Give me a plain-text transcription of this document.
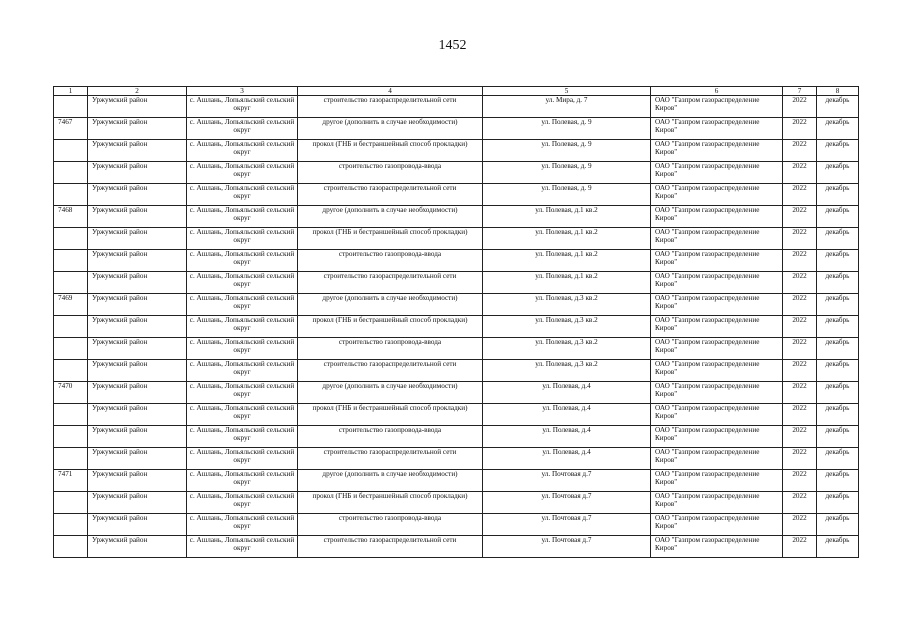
1452
1	2	3	4	5	6	7	8
	Уржумский район	с. Ашлань, Лопьяльский сельский округ	строительство газораспределительной сети	ул. Мира, д. 7	ОАО "Газпром газораспределение Киров"	2022	декабрь
7467	Уржумский район	с. Ашлань, Лопьяльский сельский округ	другое (дополнить в случае необходимости)	ул. Полевая, д. 9	ОАО "Газпром газораспределение Киров"	2022	декабрь
	Уржумский район	с. Ашлань, Лопьяльский сельский округ	прокол (ГНБ и бестраншейный способ прокладки)	ул. Полевая, д. 9	ОАО "Газпром газораспределение Киров"	2022	декабрь
	Уржумский район	с. Ашлань, Лопьяльский сельский округ	строительство газопровода-ввода	ул. Полевая, д. 9	ОАО "Газпром газораспределение Киров"	2022	декабрь
	Уржумский район	с. Ашлань, Лопьяльский сельский округ	строительство газораспределительной сети	ул. Полевая, д. 9	ОАО "Газпром газораспределение Киров"	2022	декабрь
7468	Уржумский район	с. Ашлань, Лопьяльский сельский округ	другое (дополнить в случае необходимости)	ул. Полевая, д.1 кв.2	ОАО "Газпром газораспределение Киров"	2022	декабрь
	Уржумский район	с. Ашлань, Лопьяльский сельский округ	прокол (ГНБ и бестраншейный способ прокладки)	ул. Полевая, д.1 кв.2	ОАО "Газпром газораспределение Киров"	2022	декабрь
	Уржумский район	с. Ашлань, Лопьяльский сельский округ	строительство газопровода-ввода	ул. Полевая, д.1 кв.2	ОАО "Газпром газораспределение Киров"	2022	декабрь
	Уржумский район	с. Ашлань, Лопьяльский сельский округ	строительство газораспределительной сети	ул. Полевая, д.1 кв.2	ОАО "Газпром газораспределение Киров"	2022	декабрь
7469	Уржумский район	с. Ашлань, Лопьяльский сельский округ	другое (дополнить в случае необходимости)	ул. Полевая, д.3 кв.2	ОАО "Газпром газораспределение Киров"	2022	декабрь
	Уржумский район	с. Ашлань, Лопьяльский сельский округ	прокол (ГНБ и бестраншейный способ прокладки)	ул. Полевая, д.3 кв.2	ОАО "Газпром газораспределение Киров"	2022	декабрь
	Уржумский район	с. Ашлань, Лопьяльский сельский округ	строительство газопровода-ввода	ул. Полевая, д.3 кв.2	ОАО "Газпром газораспределение Киров"	2022	декабрь
	Уржумский район	с. Ашлань, Лопьяльский сельский округ	строительство газораспределительной сети	ул. Полевая, д.3 кв.2	ОАО "Газпром газораспределение Киров"	2022	декабрь
7470	Уржумский район	с. Ашлань, Лопьяльский сельский округ	другое (дополнить в случае необходимости)	ул. Полевая, д.4	ОАО "Газпром газораспределение Киров"	2022	декабрь
	Уржумский район	с. Ашлань, Лопьяльский сельский округ	прокол (ГНБ и бестраншейный способ прокладки)	ул. Полевая, д.4	ОАО "Газпром газораспределение Киров"	2022	декабрь
	Уржумский район	с. Ашлань, Лопьяльский сельский округ	строительство газопровода-ввода	ул. Полевая, д.4	ОАО "Газпром газораспределение Киров"	2022	декабрь
	Уржумский район	с. Ашлань, Лопьяльский сельский округ	строительство газораспределительной сети	ул. Полевая, д.4	ОАО "Газпром газораспределение Киров"	2022	декабрь
7471	Уржумский район	с. Ашлань, Лопьяльский сельский округ	другое (дополнить в случае необходимости)	ул. Почтовая д.7	ОАО "Газпром газораспределение Киров"	2022	декабрь
	Уржумский район	с. Ашлань, Лопьяльский сельский округ	прокол (ГНБ и бестраншейный способ прокладки)	ул. Почтовая д.7	ОАО "Газпром газораспределение Киров"	2022	декабрь
	Уржумский район	с. Ашлань, Лопьяльский сельский округ	строительство газопровода-ввода	ул. Почтовая д.7	ОАО "Газпром газораспределение Киров"	2022	декабрь
	Уржумский район	с. Ашлань, Лопьяльский сельский округ	строительство газораспределительной сети	ул. Почтовая д.7	ОАО "Газпром газораспределение Киров"	2022	декабрь
